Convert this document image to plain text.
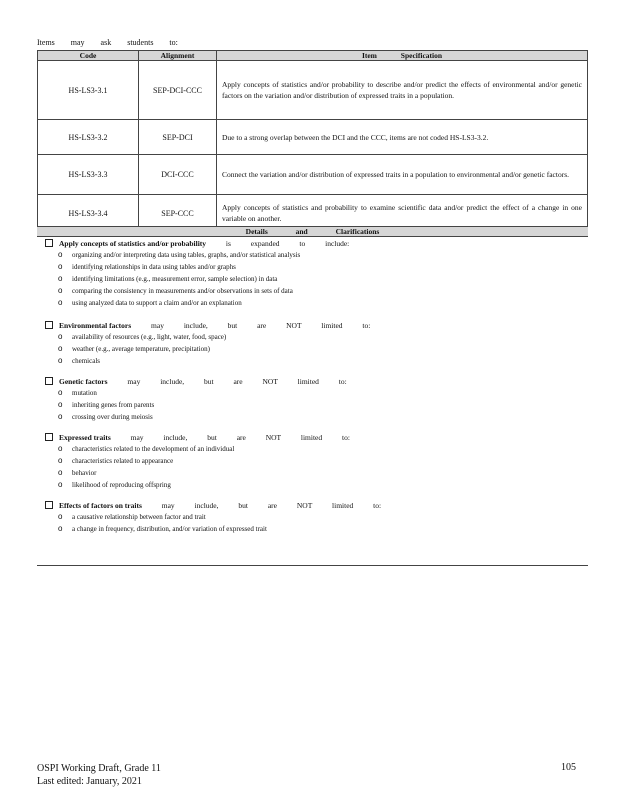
Items may ask students to:
Code	Alignment	Item Specification
HS-LS3-3.1	SEP-DCI-CCC	Apply concepts of statistics and/or probability to describe and/or predict the effects of environmental and/or genetic factors on the variation and/or distribution of expressed traits in a population.
HS-LS3-3.2	SEP-DCI	Due to a strong overlap between the DCI and the CCC, items are not coded HS-LS3-3.2.
HS-LS3-3.3	DCI-CCC	Connect the variation and/or distribution of expressed traits in a population to environmental and/or genetic factors.
HS-LS3-3.4	SEP-CCC	Apply concepts of statistics and probability to examine scientific data and/or predict the effect of a change in one variable on another.
Details and Clarifications
Apply concepts of statistics and/or probability is expanded to include:
o organizing and/or interpreting data using tables, graphs, and/or statistical analysis
o identifying relationships in data using tables and/or graphs
o identifying limitations (e.g., measurement error, sample selection) in data
o comparing the consistency in measurements and/or observations in sets of data
o using analyzed data to support a claim and/or an explanation
Environmental factors may include, but are NOT limited to:
o availability of resources (e.g., light, water, food, space)
o weather (e.g., average temperature, precipitation)
o chemicals
Genetic factors may include, but are NOT limited to:
o mutation
o inheriting genes from parents
o crossing over during meiosis
Expressed traits may include, but are NOT limited to:
o characteristics related to the development of an individual
o characteristics related to appearance
o behavior
o likelihood of reproducing offspring
Effects of factors on traits may include, but are NOT limited to:
o a causative relationship between factor and trait
o a change in frequency, distribution, and/or variation of expressed trait
OSPI Working Draft, Grade 11
Last edited: January, 2021
105
